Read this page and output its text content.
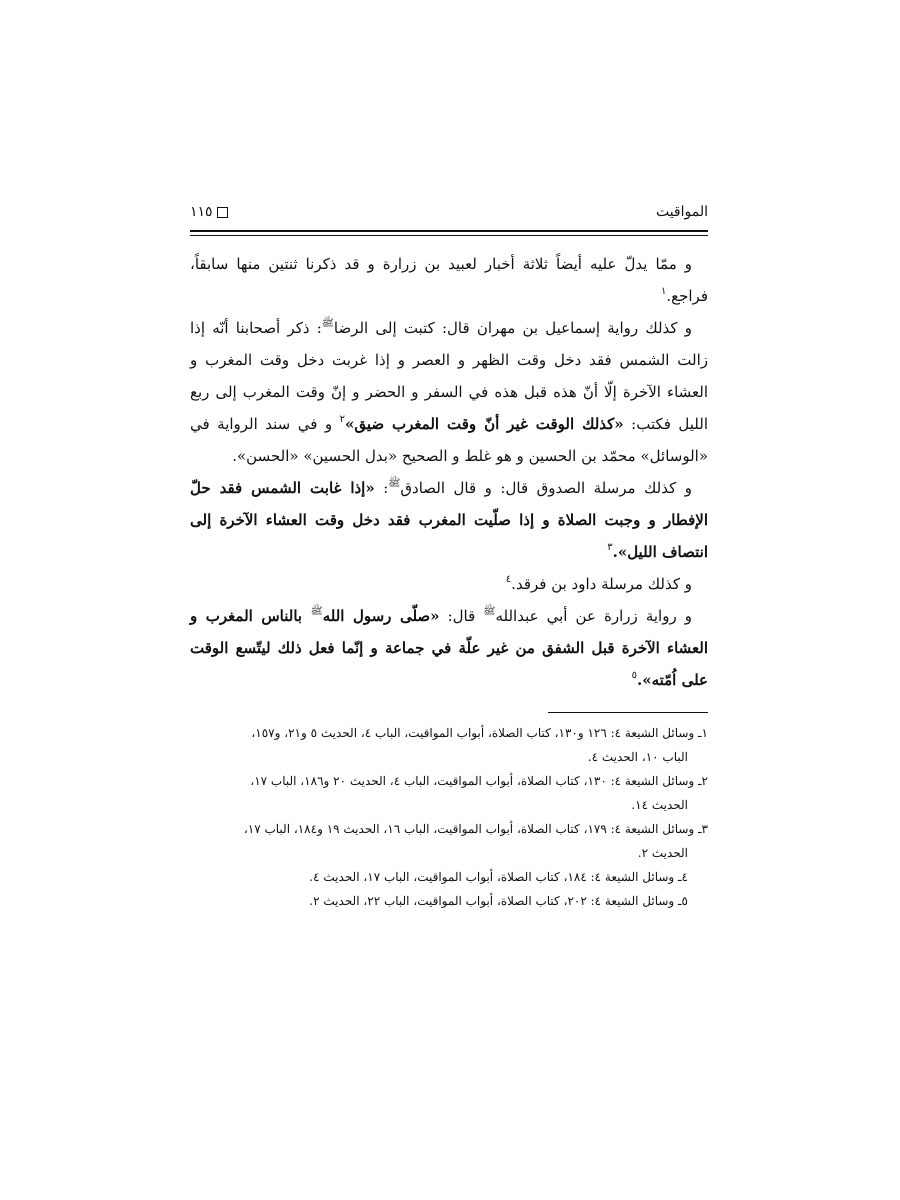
المواقيت
١١٥

و ممّا يدلّ عليه أيضاً ثلاثة أخبار لعبيد بن زرارة و قد ذكرنا ثنتين منها سابقاً، فراجع.$^١$

و كذلك رواية إسماعيل بن مهران قال: كتبت إلى الرضا$^ﷺ$: ذكر أصحابنا أنّه إذا زالت الشمس فقد دخل وقت الظهر و العصر و إذا غربت دخل وقت المغرب و العشاء الآخرة إلّا أنّ هذه قبل هذه في السفر و الحضر و إنّ وقت المغرب إلى ربع الليل فكتب: «كذلك الوقت غير أنّ وقت المغرب ضيق»$^٢$ و في سند الرواية في «الوسائل» محمّد بن الحسين و هو غلط و الصحيح «بدل الحسين» «الحسن».

و كذلك مرسلة الصدوق قال: و قال الصادق$^ﷺ$: «إذا غابت الشمس فقد حلّ الإفطار و وجبت الصلاة و إذا صلّيت المغرب فقد دخل وقت العشاء الآخرة إلى انتصاف الليل».$^٣$

و كذلك مرسلة داود بن فرقد.$^٤$

و رواية زرارة عن أبي عبدالله$^ﷺ$ قال: «صلّى رسول الله$^ﷺ$ بالناس المغرب و العشاء الآخرة قبل الشفق من غير علّة في جماعة و إنّما فعل ذلك ليتّسع الوقت على اُمّته».$^٥$

١ـ وسائل الشيعة ٤: ١٢٦ و١٣٠، كتاب الصلاة، أبواب المواقيت، الباب ٤، الحديث ٥ و٢١، و١٥٧،
الباب ١٠، الحديث ٤.

٢ـ وسائل الشيعة ٤: ١٣٠، كتاب الصلاة، أبواب المواقيت، الباب ٤، الحديث ٢٠ و١٨٦، الباب ١٧،
الحديث ١٤.

٣ـ وسائل الشيعة ٤: ١٧٩، كتاب الصلاة، أبواب المواقيت، الباب ١٦، الحديث ١٩ و١٨٤، الباب ١٧،
الحديث ٢.

٤ـ وسائل الشيعة ٤: ١٨٤، كتاب الصلاة، أبواب المواقيت، الباب ١٧، الحديث ٤.

٥ـ وسائل الشيعة ٤: ٢٠٢، كتاب الصلاة، أبواب المواقيت، الباب ٢٢، الحديث ٢.
